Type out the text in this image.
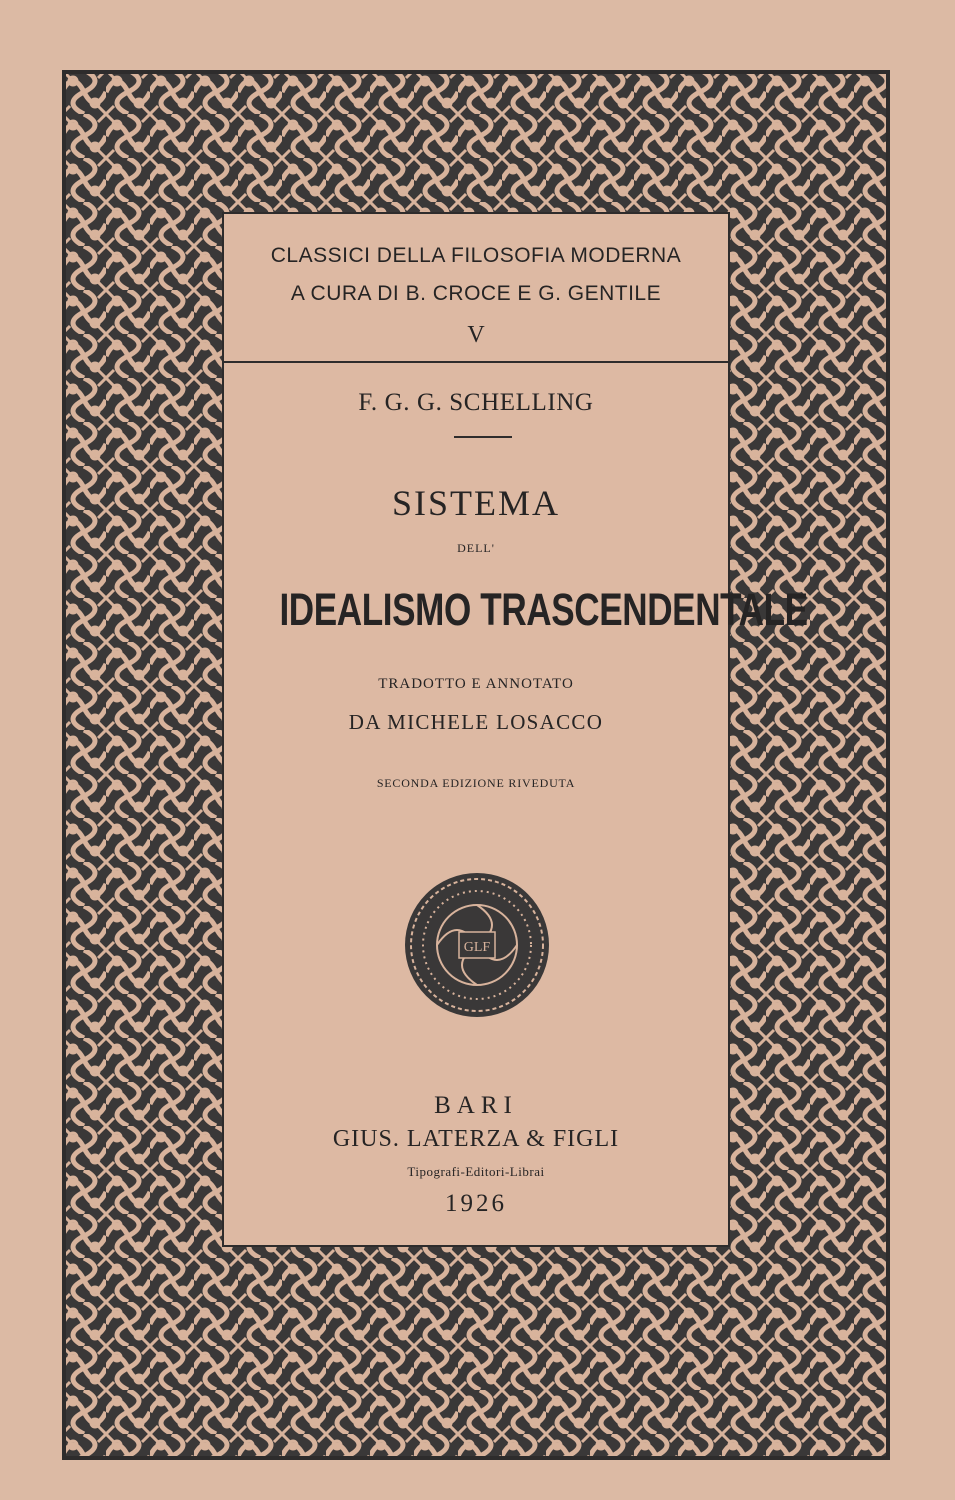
CLASSICI DELLA FILOSOFIA MODERNA
A CURA DI B. CROCE E G. GENTILE
V
F. G. G. SCHELLING
SISTEMA
DELL'
IDEALISMO TRASCENDENTALE
TRADOTTO E ANNOTATO
DA MICHELE LOSACCO
SECONDA EDIZIONE RIVEDUTA
GLF
BARI
GIUS. LATERZA & FIGLI
Tipografi-Editori-Librai
1926
